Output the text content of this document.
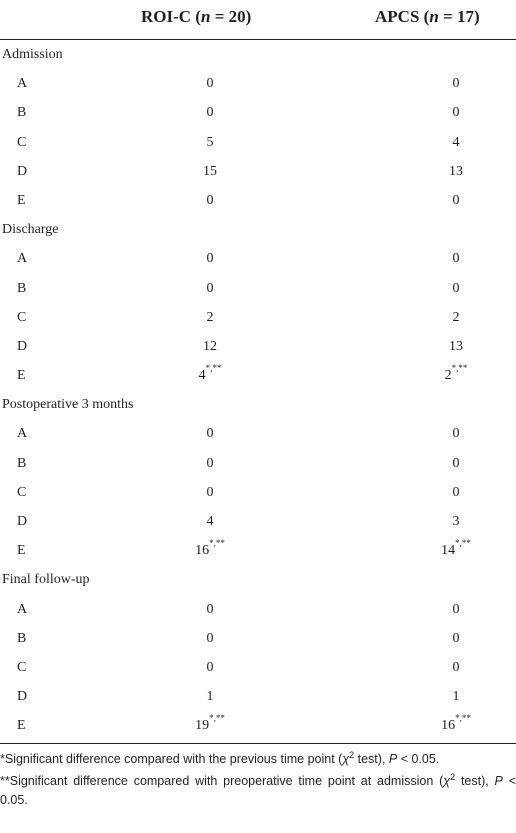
ROI-C (n = 20)	APCS (n = 17)
Admission
A	0	0
B	0	0
C	5	4
D	15	13
E	0	0
Discharge
A	0	0
B	0	0
C	2	2
D	12	13
E	4 *,**	2 *,**
Postoperative 3 months
A	0	0
B	0	0
C	0	0
D	4	3
E	16 *,**	14 *,**
Final follow-up
A	0	0
B	0	0
C	0	0
D	1	1
E	19 *,**	16 *,**

*Significant difference compared with the previous time point ($\chi^2$ test), P < 0.05.

**Significant difference compared with preoperative time point at admission ($\chi^2$ test), P < 0.05.
